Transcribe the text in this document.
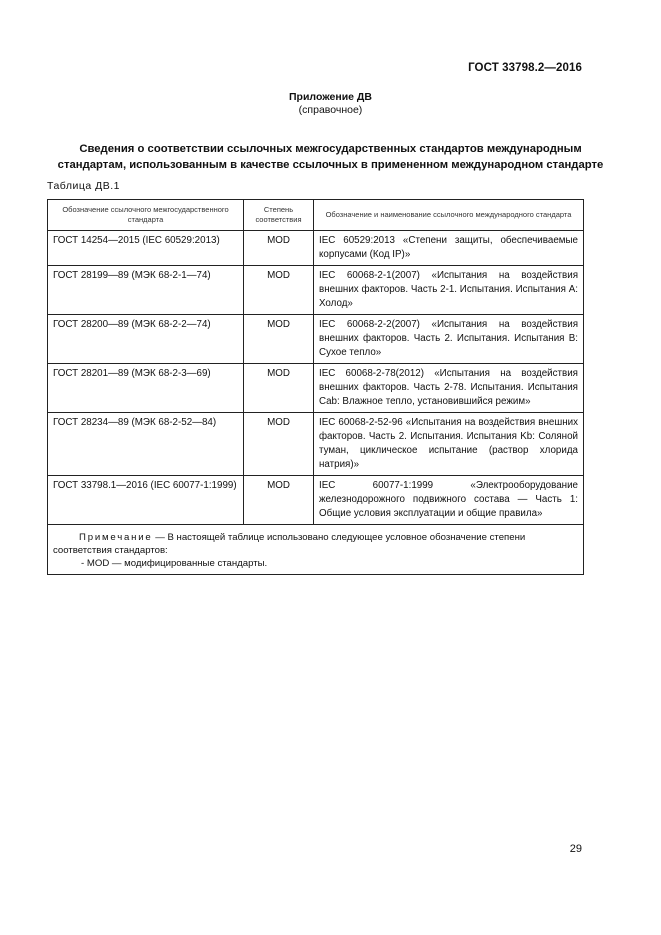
ГОСТ 33798.2—2016
Приложение ДВ
(справочное)
Сведения о соответствии ссылочных межгосударственных стандартов международным
стандартам, использованным в качестве ссылочных в примененном международном стандарте
Таблица ДВ.1
Обозначение ссылочного межгосударственного стандарта	Степень соответствия	Обозначение и наименование ссылочного международного стандарта
ГОСТ 14254—2015 (IEC 60529:2013)	MOD	IEC 60529:2013 «Степени защиты, обеспечиваемые корпусами (Код IP)»
ГОСТ 28199—89 (МЭК 68-2-1—74)	MOD	IEC 60068-2-1(2007) «Испытания на воздействия внешних факторов. Часть 2-1. Испытания. Испытания А: Холод»
ГОСТ 28200—89 (МЭК 68-2-2—74)	MOD	IEC 60068-2-2(2007) «Испытания на воздействия внешних факторов. Часть 2. Испытания. Испытания В: Сухое тепло»
ГОСТ 28201—89 (МЭК 68-2-3—69)	MOD	IEC 60068-2-78(2012) «Испытания на воздействия внешних факторов. Часть 2-78. Испытания. Испытания Cab: Влажное тепло, установившийся режим»
ГОСТ 28234—89 (МЭК 68-2-52—84)	MOD	IEC 60068-2-52-96 «Испытания на воздействия внешних факторов. Часть 2. Испытания. Испытания Kb: Соляной туман, циклическое испытание (раствор хлорида натрия)»
ГОСТ 33798.1—2016 (IEC 60077-1:1999)	MOD	IEC 60077-1:1999 «Электрооборудование железнодорожного подвижного состава — Часть 1: Общие условия эксплуатации и общие правила»

Примечание — В настоящей таблице использовано следующее условное обозначение степени соответствия стандартов:

- MOD — модифицированные стандарты.		

29
